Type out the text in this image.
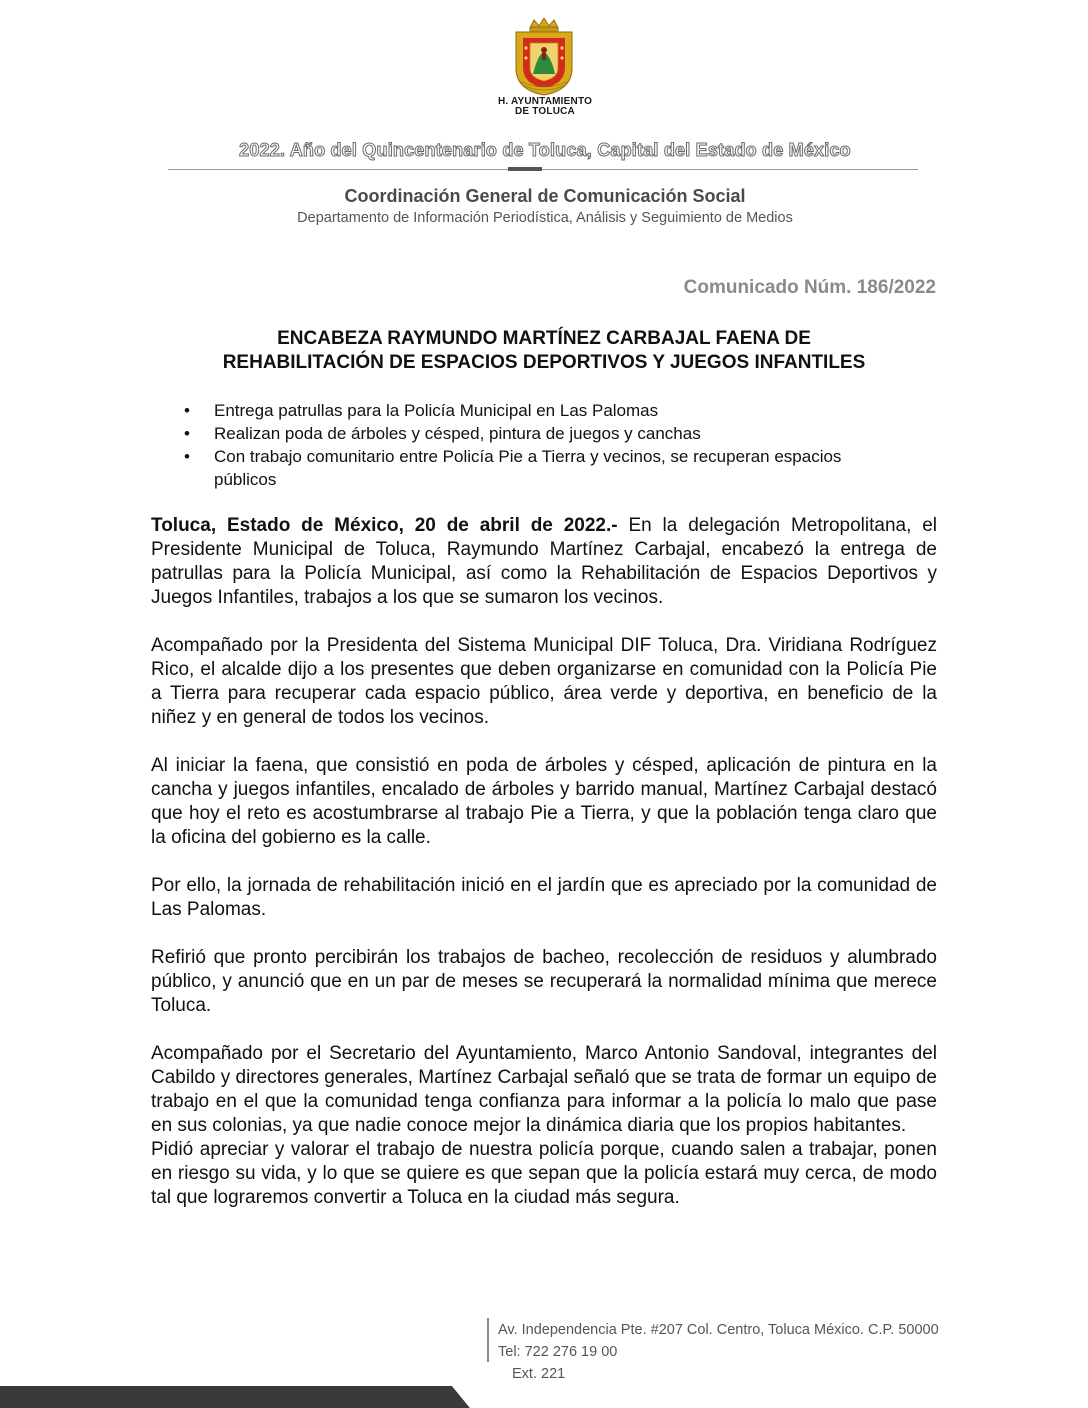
H. AYUNTAMIENTO
DE TOLUCA
2022. Año del Quincentenario de Toluca, Capital del Estado de México
Coordinación General de Comunicación Social
Departamento de Información Periodística, Análisis y Seguimiento de Medios
Comunicado Núm. 186/2022
ENCABEZA RAYMUNDO MARTÍNEZ CARBAJAL FAENA DE
REHABILITACIÓN DE ESPACIOS DEPORTIVOS Y JUEGOS INFANTILES
• Entrega patrullas para la Policía Municipal en Las Palomas
• Realizan poda de árboles y césped, pintura de juegos y canchas
• Con trabajo comunitario entre Policía Pie a Tierra y vecinos, se recuperan espacios públicos

Toluca, Estado de México, 20 de abril de 2022.- En la delegación Metropolitana, el Presidente Municipal de Toluca, Raymundo Martínez Carbajal, encabezó la entrega de patrullas para la Policía Municipal, así como la Rehabilitación de Espacios Deportivos y Juegos Infantiles, trabajos a los que se sumaron los vecinos.

Acompañado por la Presidenta del Sistema Municipal DIF Toluca, Dra. Viridiana Rodríguez Rico, el alcalde dijo a los presentes que deben organizarse en comunidad con la Policía Pie a Tierra para recuperar cada espacio público, área verde y deportiva, en beneficio de la niñez y en general de todos los vecinos.

Al iniciar la faena, que consistió en poda de árboles y césped, aplicación de pintura en la cancha y juegos infantiles, encalado de árboles y barrido manual, Martínez Carbajal destacó que hoy el reto es acostumbrarse al trabajo Pie a Tierra, y que la población tenga claro que la oficina del gobierno es la calle.

Por ello, la jornada de rehabilitación inició en el jardín que es apreciado por la comunidad de Las Palomas.

Refirió que pronto percibirán los trabajos de bacheo, recolección de residuos y alumbrado público, y anunció que en un par de meses se recuperará la normalidad mínima que merece Toluca.

Acompañado por el Secretario del Ayuntamiento, Marco Antonio Sandoval, integrantes del Cabildo y directores generales, Martínez Carbajal señaló que se trata de formar un equipo de trabajo en el que la comunidad tenga confianza para informar a la policía lo malo que pase en sus colonias, ya que nadie conoce mejor la dinámica diaria que los propios habitantes.

Pidió apreciar y valorar el trabajo de nuestra policía porque, cuando salen a trabajar, ponen en riesgo su vida, y lo que se quiere es que sepan que la policía estará muy cerca, de modo tal que lograremos convertir a Toluca en la ciudad más segura.

Av. Independencia Pte. #207 Col. Centro, Toluca México. C.P. 50000
Tel: 722 276 19 00
Ext. 221
